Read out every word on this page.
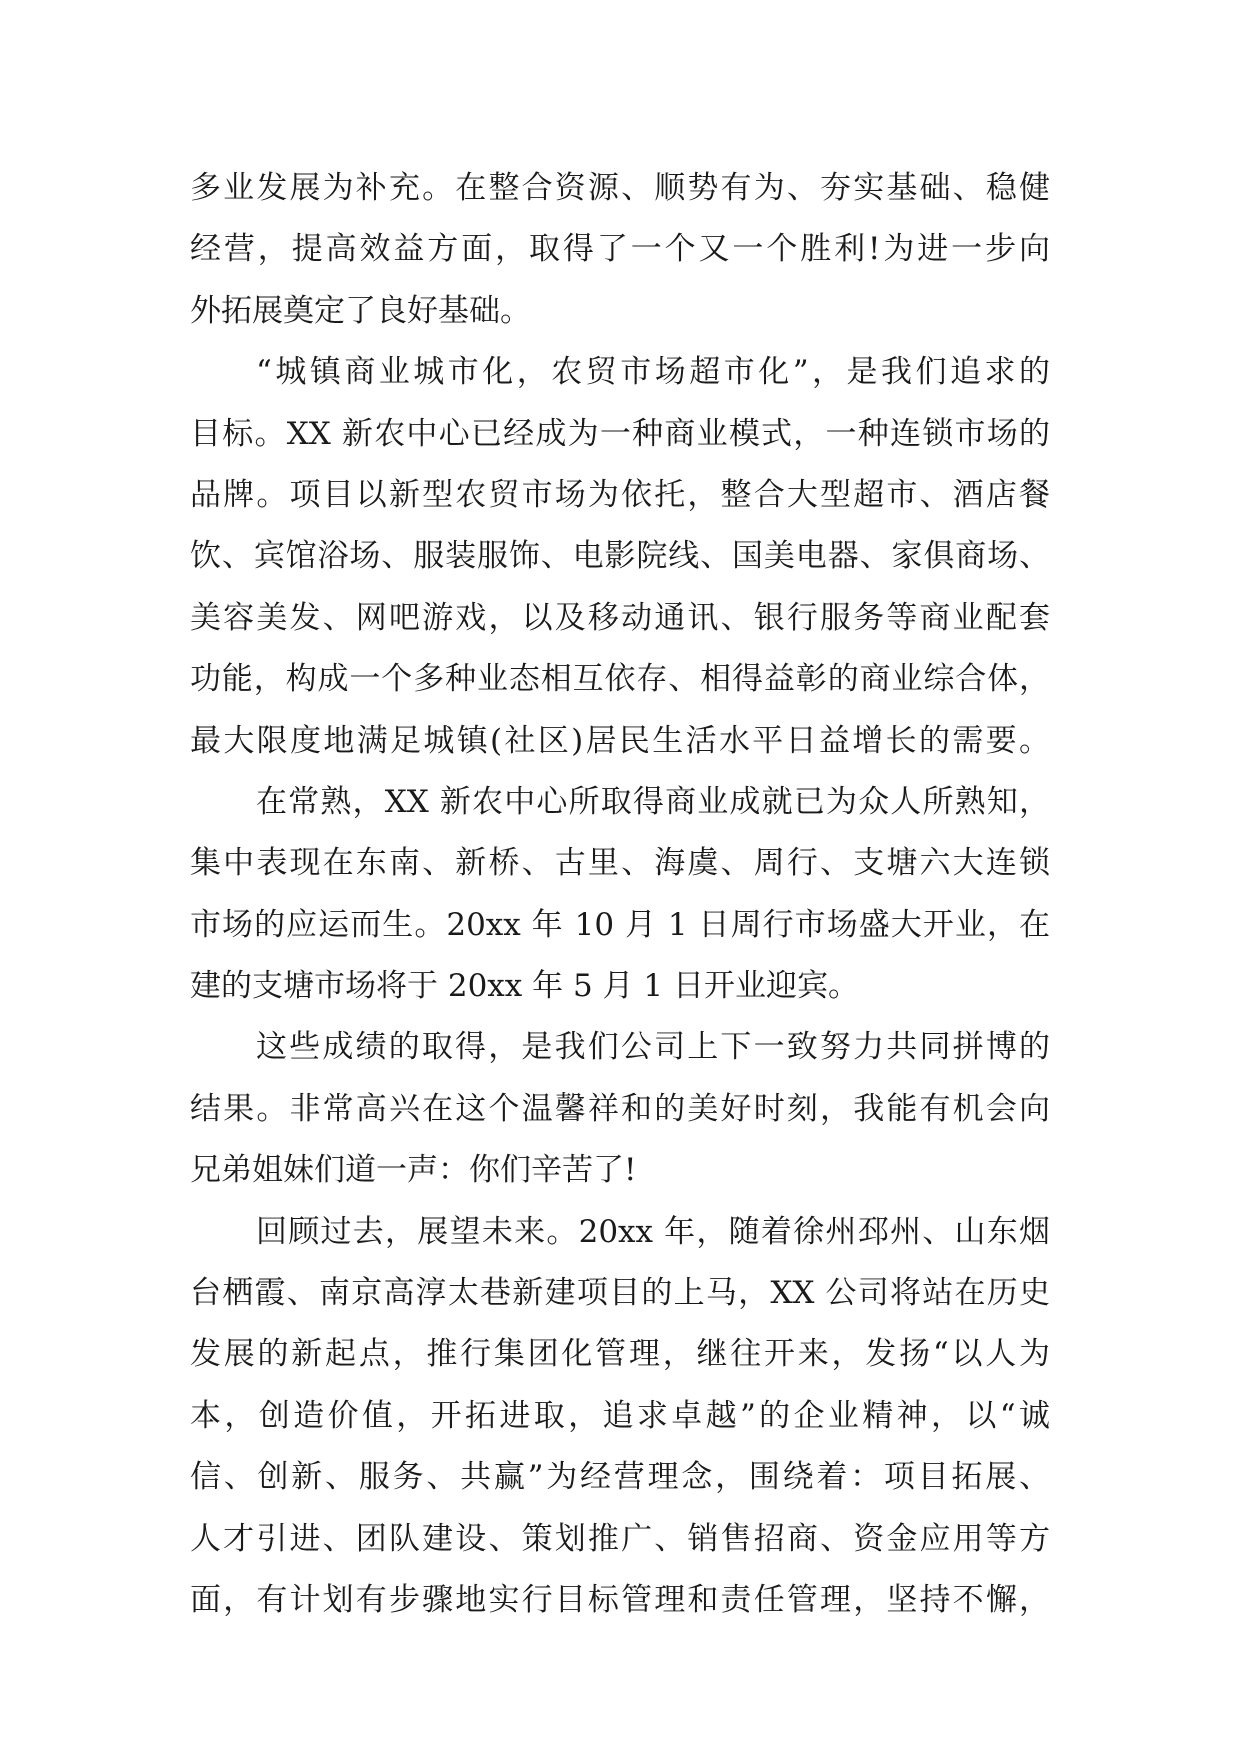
多业发展为补充。在整合资源、顺势有为、夯实基础、稳健
经营，提高效益方面，取得了一个又一个胜利!为进一步向
外拓展奠定了良好基础。
“城镇商业城市化，农贸市场超市化”，是我们追求的
目标。XX 新农中心已经成为一种商业模式，一种连锁市场的
品牌。项目以新型农贸市场为依托，整合大型超市、酒店餐
饮、宾馆浴场、服装服饰、电影院线、国美电器、家俱商场、
美容美发、网吧游戏，以及移动通讯、银行服务等商业配套
功能，构成一个多种业态相互依存、相得益彰的商业综合体，
最大限度地满足城镇(社区)居民生活水平日益增长的需要。
在常熟，XX 新农中心所取得商业成就已为众人所熟知，
集中表现在东南、新桥、古里、海虞、周行、支塘六大连锁
市场的应运而生。20xx 年 10 月 1 日周行市场盛大开业，在
建的支塘市场将于 20xx 年 5 月 1 日开业迎宾。
这些成绩的取得，是我们公司上下一致努力共同拼博的
结果。非常高兴在这个温馨祥和的美好时刻，我能有机会向
兄弟姐妹们道一声：你们辛苦了!
回顾过去，展望未来。20xx 年，随着徐州邳州、山东烟
台栖霞、南京高淳太巷新建项目的上马，XX 公司将站在历史
发展的新起点，推行集团化管理，继往开来，发扬“以人为
本，创造价值，开拓进取，追求卓越”的企业精神，以“诚
信、创新、服务、共赢”为经营理念，围绕着：项目拓展、
人才引进、团队建设、策划推广、销售招商、资金应用等方
面，有计划有步骤地实行目标管理和责任管理，坚持不懈，
